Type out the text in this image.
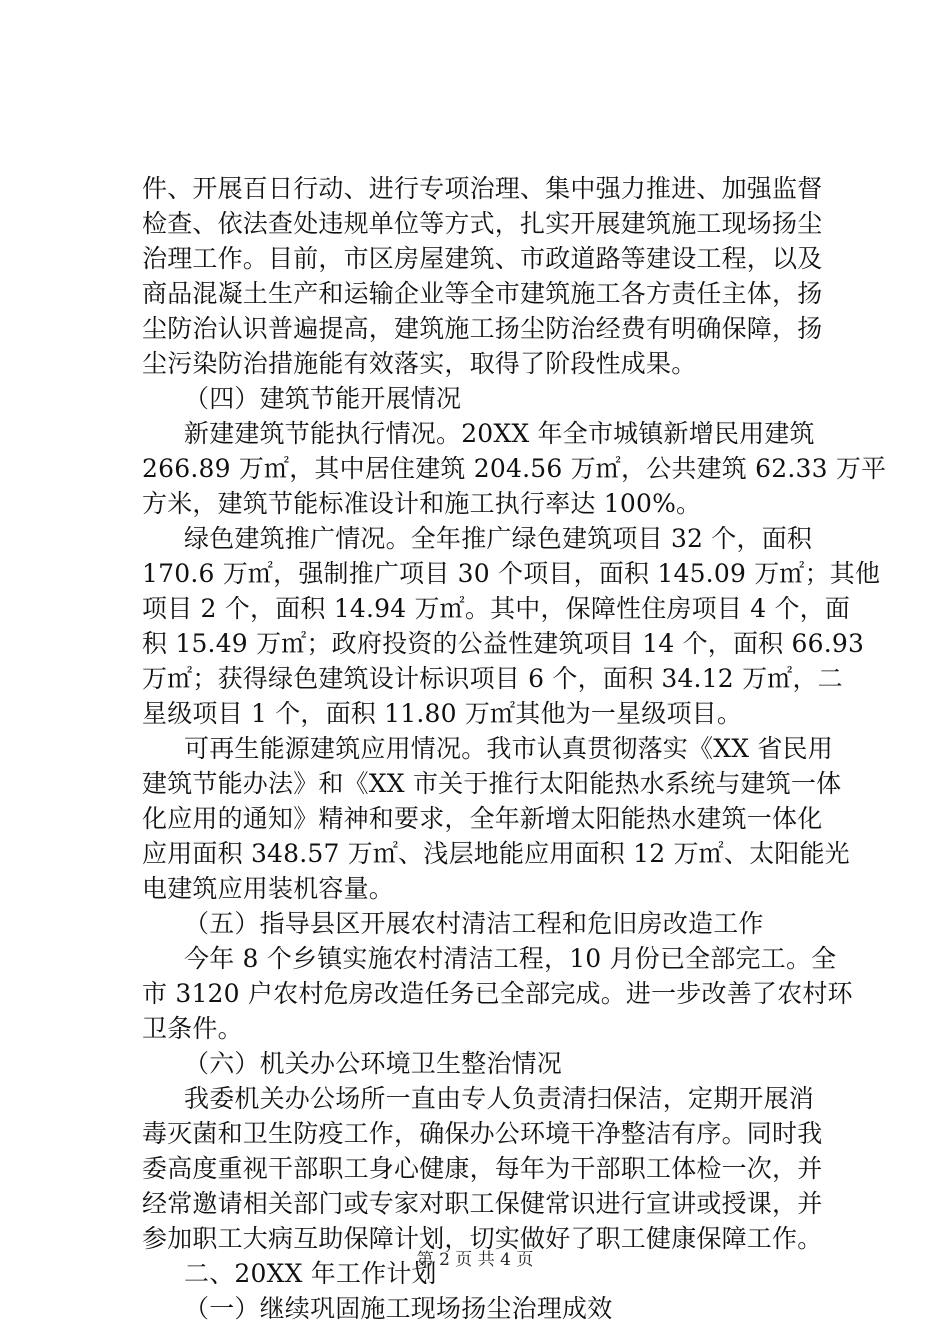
件、开展百日行动、进行专项治理、集中强力推进、加强监督
检查、依法查处违规单位等方式，扎实开展建筑施工现场扬尘
治理工作。目前，市区房屋建筑、市政道路等建设工程，以及
商品混凝土生产和运输企业等全市建筑施工各方责任主体，扬
尘防治认识普遍提高，建筑施工扬尘防治经费有明确保障，扬
尘污染防治措施能有效落实，取得了阶段性成果。
（四）建筑节能开展情况
新建建筑节能执行情况。20XX 年全市城镇新增民用建筑
266.89 万㎡，其中居住建筑 204.56 万㎡，公共建筑 62.33 万平
方米，建筑节能标准设计和施工执行率达 100%。
绿色建筑推广情况。全年推广绿色建筑项目 32 个，面积
170.6 万㎡，强制推广项目 30 个项目，面积 145.09 万㎡；其他
项目 2 个，面积 14.94 万㎡。其中，保障性住房项目 4 个，面
积 15.49 万㎡；政府投资的公益性建筑项目 14 个，面积 66.93
万㎡；获得绿色建筑设计标识项目 6 个，面积 34.12 万㎡，二
星级项目 1 个，面积 11.80 万㎡其他为一星级项目。
可再生能源建筑应用情况。我市认真贯彻落实《XX 省民用
建筑节能办法》和《XX 市关于推行太阳能热水系统与建筑一体
化应用的通知》精神和要求，全年新增太阳能热水建筑一体化
应用面积 348.57 万㎡、浅层地能应用面积 12 万㎡、太阳能光
电建筑应用装机容量。
（五）指导县区开展农村清洁工程和危旧房改造工作
今年 8 个乡镇实施农村清洁工程，10 月份已全部完工。全
市 3120 户农村危房改造任务已全部完成。进一步改善了农村环
卫条件。
（六）机关办公环境卫生整治情况
我委机关办公场所一直由专人负责清扫保洁，定期开展消
毒灭菌和卫生防疫工作，确保办公环境干净整洁有序。同时我
委高度重视干部职工身心健康，每年为干部职工体检一次，并
经常邀请相关部门或专家对职工保健常识进行宣讲或授课，并
参加职工大病互助保障计划，切实做好了职工健康保障工作。
二、20XX 年工作计划
（一）继续巩固施工现场扬尘治理成效
第 2 页 共 4 页
